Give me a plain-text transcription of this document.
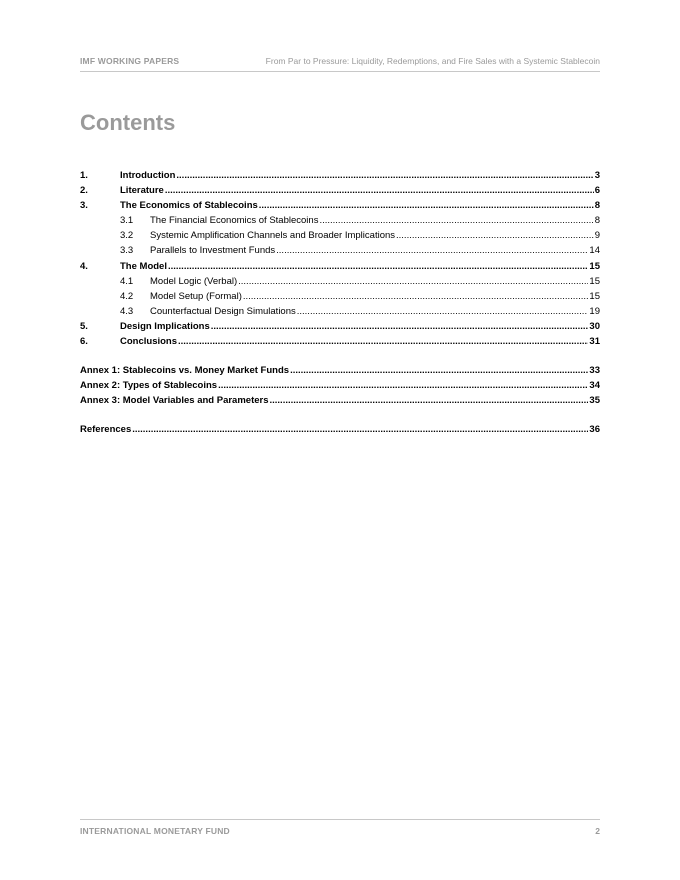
IMF WORKING PAPERS	From Par to Pressure: Liquidity, Redemptions, and Fire Sales with a Systemic Stablecoin
Contents
1.	Introduction .....	3
2.	Literature .....	6
3.	The Economics of Stablecoins .....	8
3.1	The Financial Economics of Stablecoins .....	8
3.2	Systemic Amplification Channels and Broader Implications .....	9
3.3	Parallels to Investment Funds .....	14
4.	The Model .....	15
4.1	Model Logic (Verbal) .....	15
4.2	Model Setup (Formal) .....	15
4.3	Counterfactual Design Simulations .....	19
5.	Design Implications .....	30
6.	Conclusions .....	31
Annex 1: Stablecoins vs. Money Market Funds .....	33
Annex 2: Types of Stablecoins .....	34
Annex 3: Model Variables and Parameters .....	35
References .....	36
INTERNATIONAL MONETARY FUND	2
